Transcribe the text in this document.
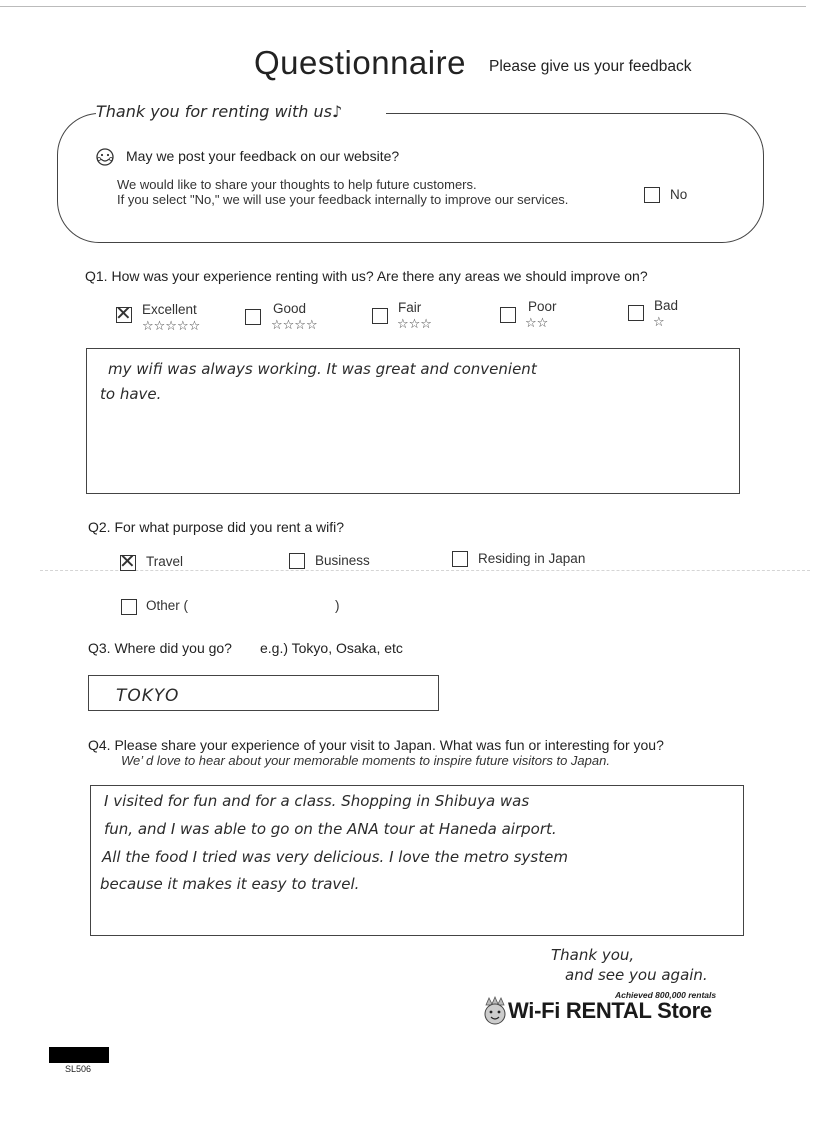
Questionnaire Please give us your feedback
Thank you for renting with us♪
May we post your feedback on our website?
We would like to share your thoughts to help future customers.
If you select "No," we will use your feedback internally to improve our services.	No
Q1. How was your experience renting with us? Are there any areas we should improve on?
✕ Excellent
☆☆☆☆☆
Good
☆☆☆☆
Fair
☆☆☆
Poor
☆☆
Bad
☆
my wifi was always working. It was great and convenient
to have.
Q2. For what purpose did you rent a wifi?
✕ Travel	Business	Residing in Japan
Other (	)
Q3. Where did you go? e.g.) Tokyo, Osaka, etc
TOKYO
Q4. Please share your experience of your visit to Japan. What was fun or interesting for you?
We’ d love to hear about your memorable moments to inspire future visitors to Japan.
I visited for fun and for a class. Shopping in Shibuya was
fun, and I was able to go on the ANA tour at Haneda airport.
All the food I tried was very delicious. I love the metro system
because it makes it easy to travel.
Thank you,
and see you again.
Achieved 800,000 rentals
Wi-Fi RENTAL Store
SL506
